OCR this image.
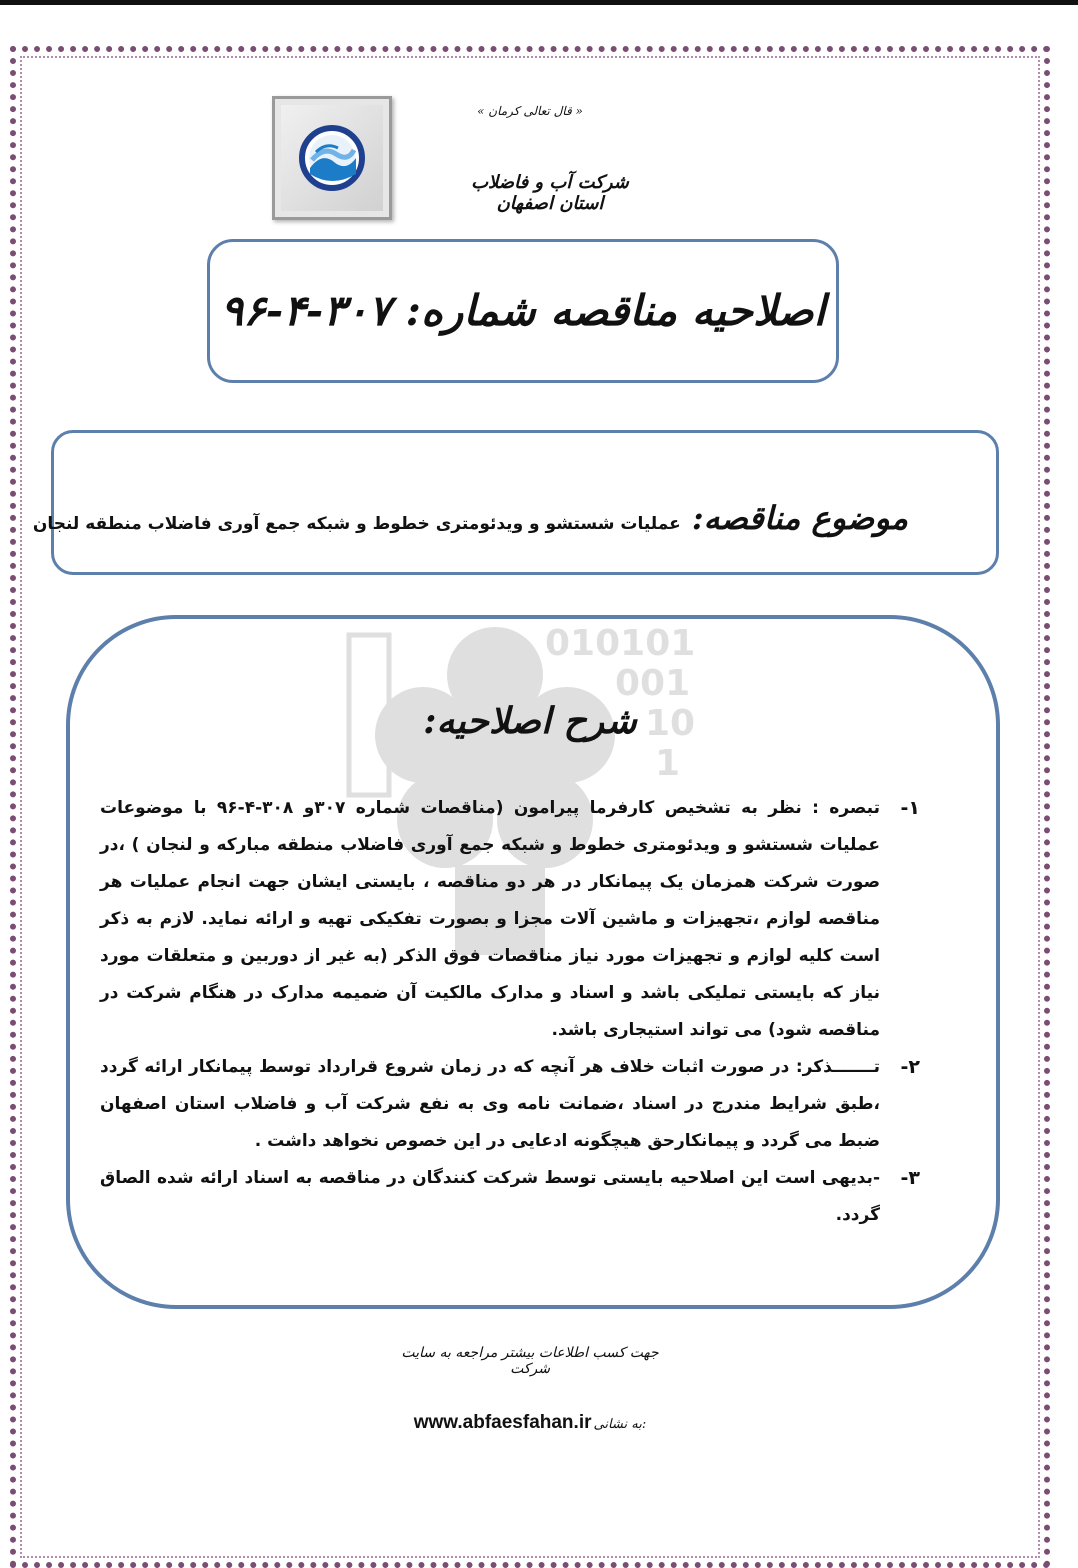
« قال تعالی کرمان »
شرکت آب و فاضلاب استان اصفهان
اصلاحیه مناقصه شماره: ۳۰۷-۴-۹۶
موضوع مناقصه: عملیات شستشو و ویدئومتری خطوط و شبکه جمع آوری فاضلاب منطقه لنجان
010101
001
10
1
شرح اصلاحیه:
۱-
تبصره : نظر به تشخیص کارفرما پیرامون (مناقصات شماره ۳۰۷و ۳۰۸-۴-۹۶ با موضوعات عملیات شستشو و ویدئومتری خطوط و شبکه جمع آوری فاضلاب منطقه مبارکه و لنجان ) ،در صورت شرکت همزمان یک پیمانکار در هر دو مناقصه ، بایستی ایشان جهت انجام عملیات هر مناقصه لوازم ،تجهیزات و ماشین آلات مجزا و بصورت تفکیکی تهیه و ارائه نماید. لازم به ذکر است کلیه لوازم و تجهیزات مورد نیاز مناقصات فوق الذکر (به غیر از دوربین و متعلقات مورد نیاز که بایستی تملیکی باشد و اسناد و مدارک مالکیت آن ضمیمه مدارک در هنگام شرکت در مناقصه شود) می تواند استیجاری باشد.
۲-
تـــــــذکر: در صورت اثبات خلاف هر آنچه که در زمان شروع قرارداد توسط پیمانکار ارائه گردد ،طبق شرایط مندرج در اسناد ،ضمانت نامه وی به نفع شرکت آب و فاضلاب استان اصفهان ضبط می گردد و پیمانکارحق هیچگونه ادعایی در این خصوص نخواهد داشت .
۳-
-بدیهی است این اصلاحیه بایستی توسط شرکت کنندگان در مناقصه به اسناد ارائه شده الصاق گردد.
جهت کسب اطلاعات بیشتر مراجعه به سایت شرکت
www.abfaesfahan.ir به نشانی:
